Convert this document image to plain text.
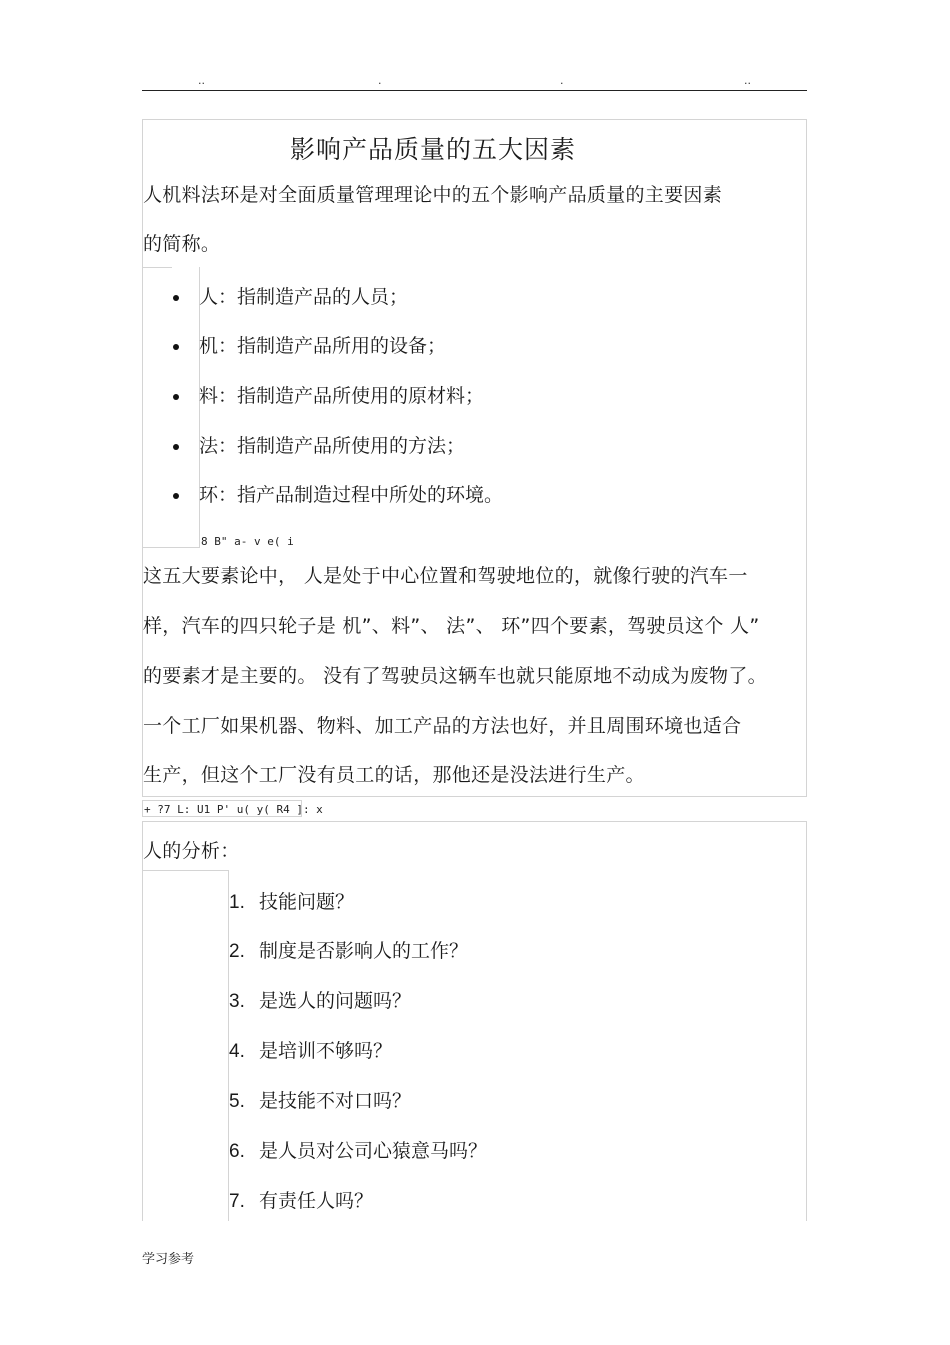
..	.	.	..
影响产品质量的五大因素
人机料法环是对全面质量管理理论中的五个影响产品质量的主要因素
的简称。
人：指制造产品的人员；
机：指制造产品所用的设备；
料：指制造产品所使用的原材料；
法：指制造产品所使用的方法；
环：指产品制造过程中所处的环境。
8 B" a- v e( i
这五大要素论中， 人是处于中心位置和驾驶地位的，就像行驶的汽车一
样，汽车的四只轮子是 机”、料”、 法”、 环”四个要素，驾驶员这个 人”
的要素才是主要的。 没有了驾驶员这辆车也就只能原地不动成为废物了。
一个工厂如果机器、物料、加工产品的方法也好，并且周围环境也适合
生产，但这个工厂没有员工的话，那他还是没法进行生产。
+ ?7 L: U1 P' u( y( R4 ]: x
人的分析：
1. 技能问题？
2. 制度是否影响人的工作？
3. 是选人的问题吗？
4. 是培训不够吗？
5. 是技能不对口吗？
6. 是人员对公司心猿意马吗？
7. 有责任人吗？
学习参考
